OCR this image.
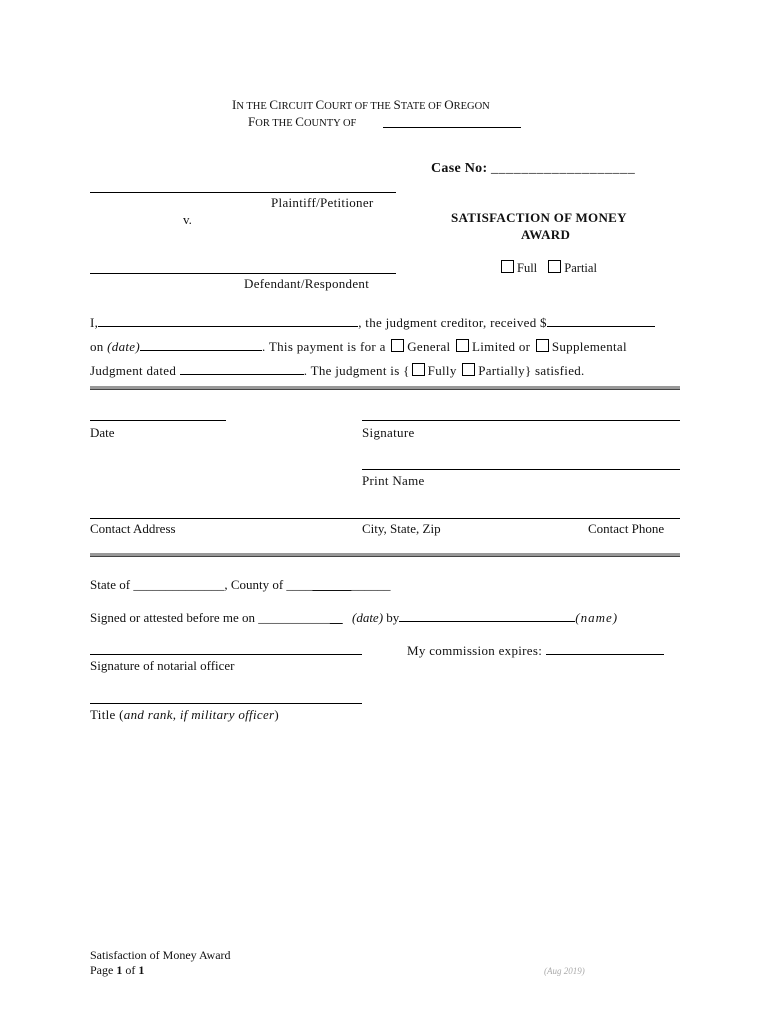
IN THE CIRCUIT COURT OF THE STATE OF OREGON
FOR THE COUNTY OF
Case No: ___________________
Plaintiff/Petitioner
v.	SATISFACTION OF MONEY
AWARD
Full Partial
Defendant/Respondent
I,	, the judgment creditor, received $
on (date)	. This payment is for a General Limited or Supplemental
Judgment dated	. The judgment is { Fully Partially} satisfied.
Date	Signature
Print Name
Contact Address	City, State, Zip	Contact Phone
State of ______________, County of ____	______
Signed or attested before me on ___________ (date) by	(name)
Signature of notarial officer
My commission expires:
Title (and rank, if military officer)
Satisfaction of Money Award
Page 1 of 1	(Aug 2019)
